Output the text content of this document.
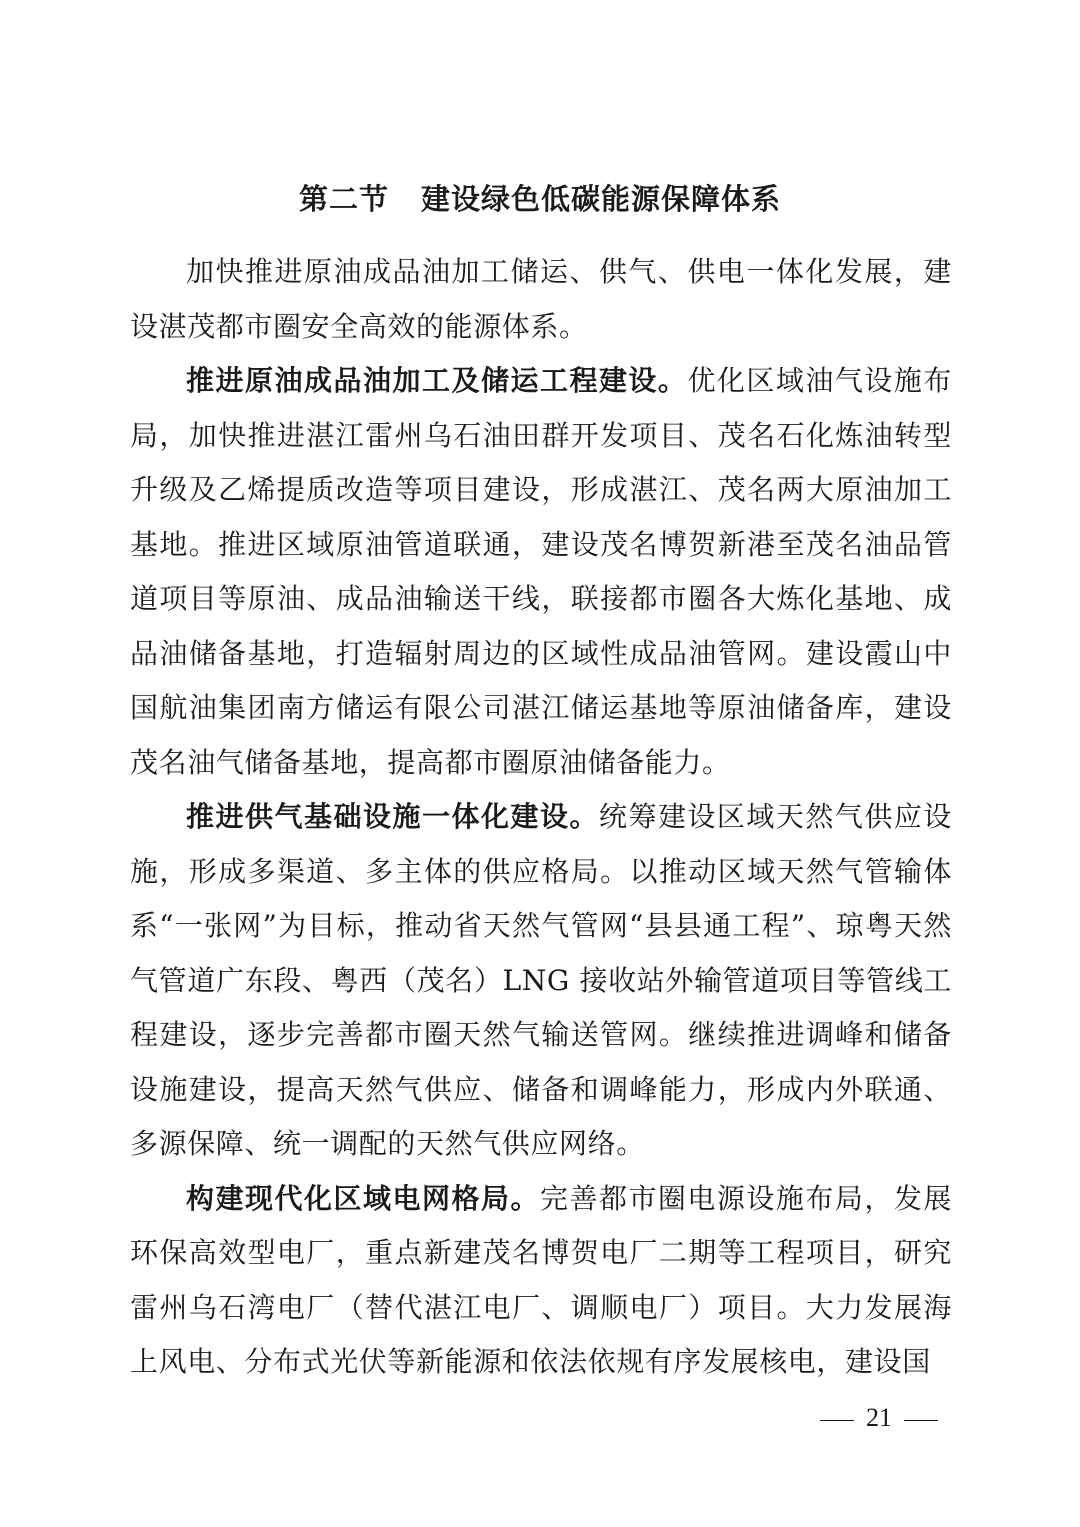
第二节 建设绿色低碳能源保障体系

加快推进原油成品油加工储运、供气、供电一体化发展，建设湛茂都市圈安全高效的能源体系。

推进原油成品油加工及储运工程建设。优化区域油气设施布局，加快推进湛江雷州乌石油田群开发项目、茂名石化炼油转型升级及乙烯提质改造等项目建设，形成湛江、茂名两大原油加工基地。推进区域原油管道联通，建设茂名博贺新港至茂名油品管道项目等原油、成品油输送干线，联接都市圈各大炼化基地、成品油储备基地，打造辐射周边的区域性成品油管网。建设霞山中国航油集团南方储运有限公司湛江储运基地等原油储备库，建设茂名油气储备基地，提高都市圈原油储备能力。

推进供气基础设施一体化建设。统筹建设区域天然气供应设施，形成多渠道、多主体的供应格局。以推动区域天然气管输体系“一张网”为目标，推动省天然气管网“县县通工程”、琼粤天然气管道广东段、粤西（茂名）LNG 接收站外输管道项目等管线工程建设，逐步完善都市圈天然气输送管网。继续推进调峰和储备设施建设，提高天然气供应、储备和调峰能力，形成内外联通、多源保障、统一调配的天然气供应网络。

构建现代化区域电网格局。完善都市圈电源设施布局，发展环保高效型电厂，重点新建茂名博贺电厂二期等工程项目，研究雷州乌石湾电厂（替代湛江电厂、调顺电厂）项目。大力发展海上风电、分布式光伏等新能源和依法依规有序发展核电，建设国

21
